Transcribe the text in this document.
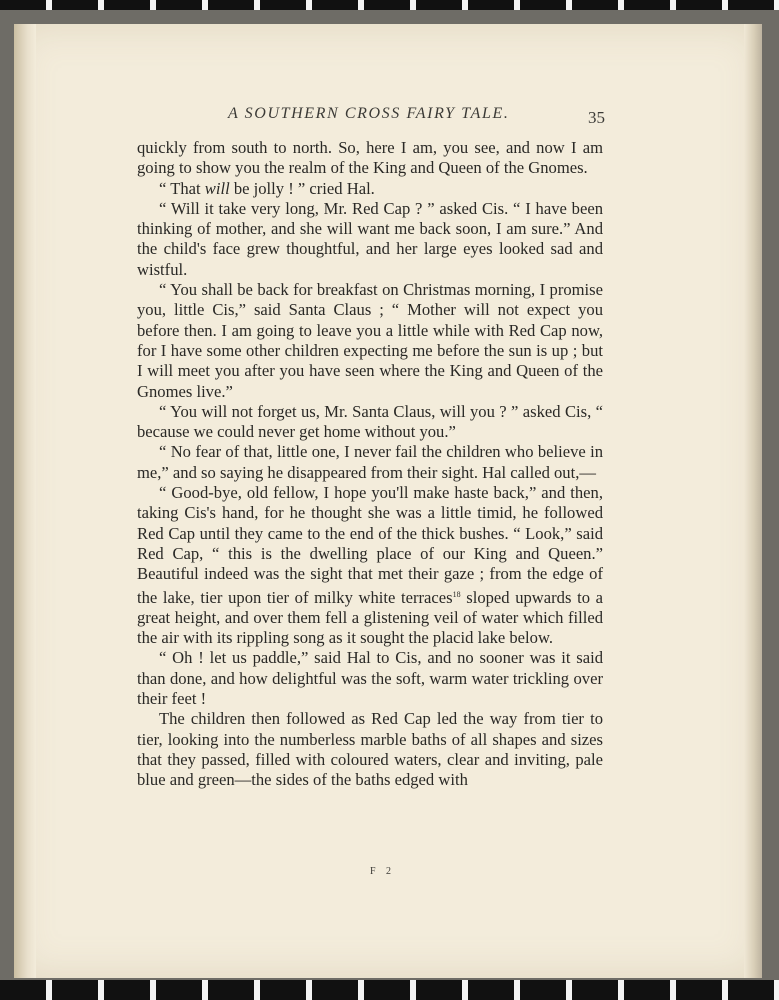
A SOUTHERN CROSS FAIRY TALE.	35

quickly from south to north. So, here I am, you see, and now I am going to show you the realm of the King and Queen of the Gnomes.

“ That will be jolly ! ” cried Hal.

“ Will it take very long, Mr. Red Cap ? ” asked Cis. “ I have been thinking of mother, and she will want me back soon, I am sure.” And the child's face grew thoughtful, and her large eyes looked sad and wistful.

“ You shall be back for breakfast on Christmas morning, I promise you, little Cis,” said Santa Claus ; “ Mother will not expect you before then. I am going to leave you a little while with Red Cap now, for I have some other children expecting me before the sun is up ; but I will meet you after you have seen where the King and Queen of the Gnomes live.”

“ You will not forget us, Mr. Santa Claus, will you ? ” asked Cis, “ because we could never get home without you.”

“ No fear of that, little one, I never fail the children who believe in me,” and so saying he disappeared from their sight. Hal called out,—

“ Good-bye, old fellow, I hope you'll make haste back,” and then, taking Cis's hand, for he thought she was a little timid, he followed Red Cap until they came to the end of the thick bushes. “ Look,” said Red Cap, “ this is the dwelling place of our King and Queen.” Beautiful indeed was the sight that met their gaze ; from the edge of the lake, tier upon tier of milky white terraces$^{18}$ sloped upwards to a great height, and over them fell a glistening veil of water which filled the air with its rippling song as it sought the placid lake below.

“ Oh ! let us paddle,” said Hal to Cis, and no sooner was it said than done, and how delightful was the soft, warm water trickling over their feet !

The children then followed as Red Cap led the way from tier to tier, looking into the numberless marble baths of all shapes and sizes that they passed, filled with coloured waters, clear and inviting, pale blue and green—the sides of the baths edged with

F 2
